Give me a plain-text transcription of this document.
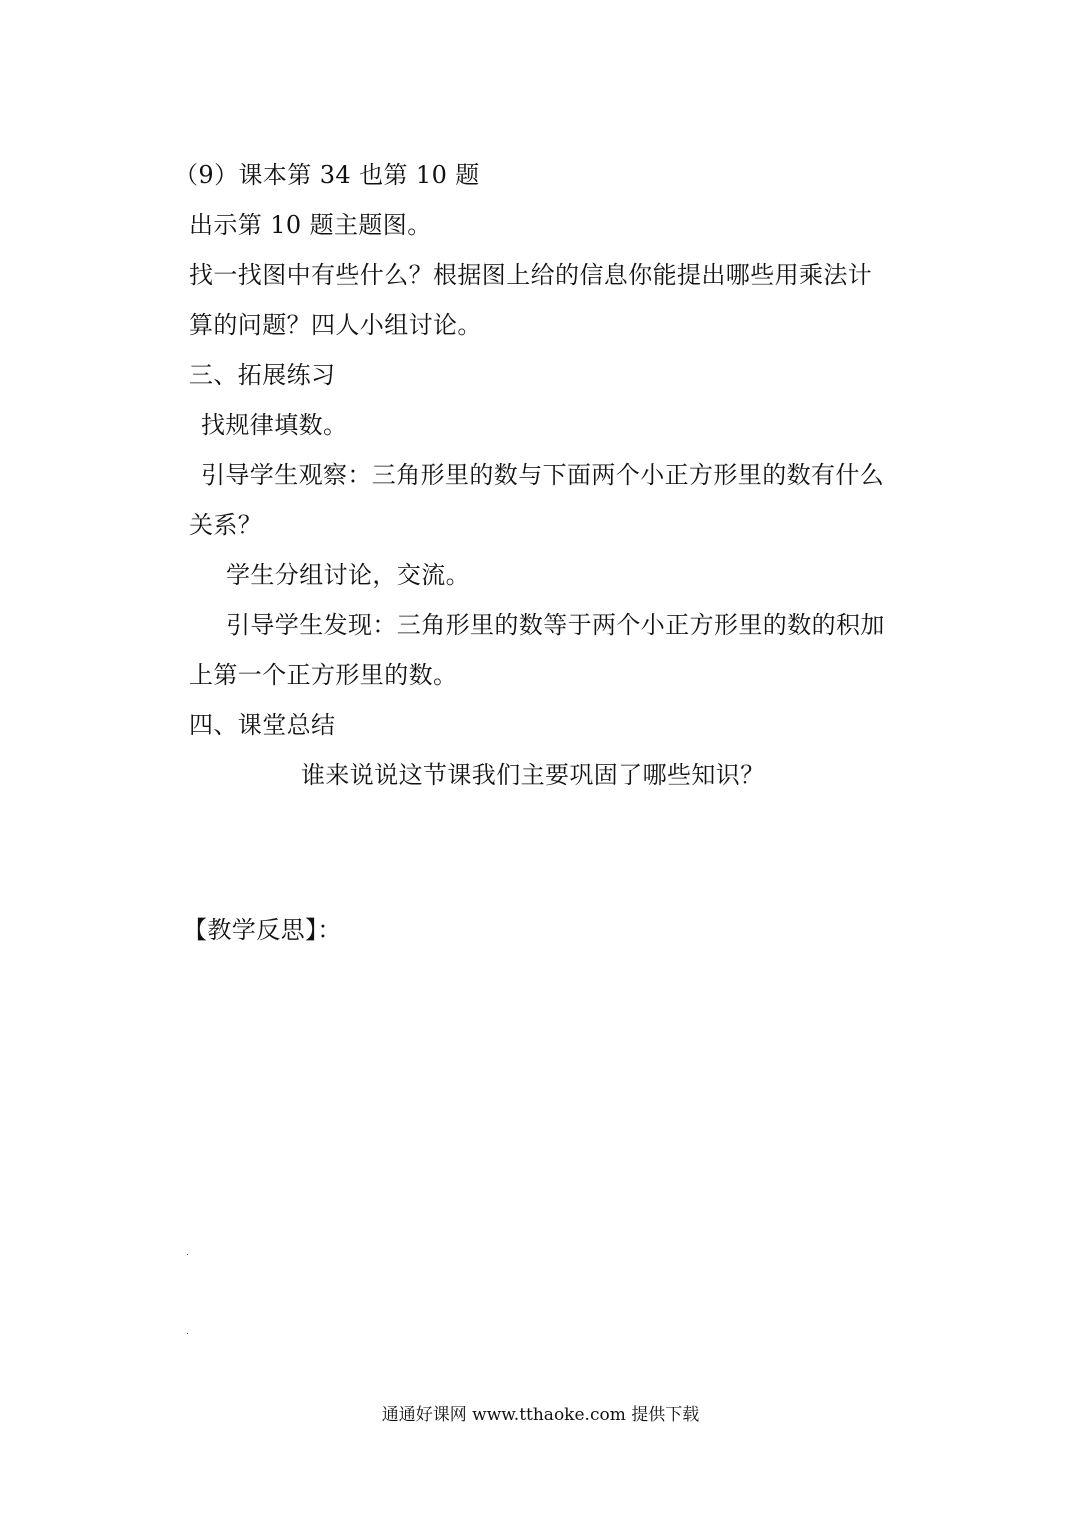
（9）课本第 34 也第 10 题
出示第 10 题主题图。
找一找图中有些什么？根据图上给的信息你能提出哪些用乘法计
算的问题？四人小组讨论。
三、拓展练习
找规律填数。
引导学生观察：三角形里的数与下面两个小正方形里的数有什么
关系？
学生分组讨论，交流。
引导学生发现：三角形里的数等于两个小正方形里的数的积加
上第一个正方形里的数。
四、课堂总结
谁来说说这节课我们主要巩固了哪些知识？
【教学反思】：
通通好课网 www.tthaoke.com 提供下载
